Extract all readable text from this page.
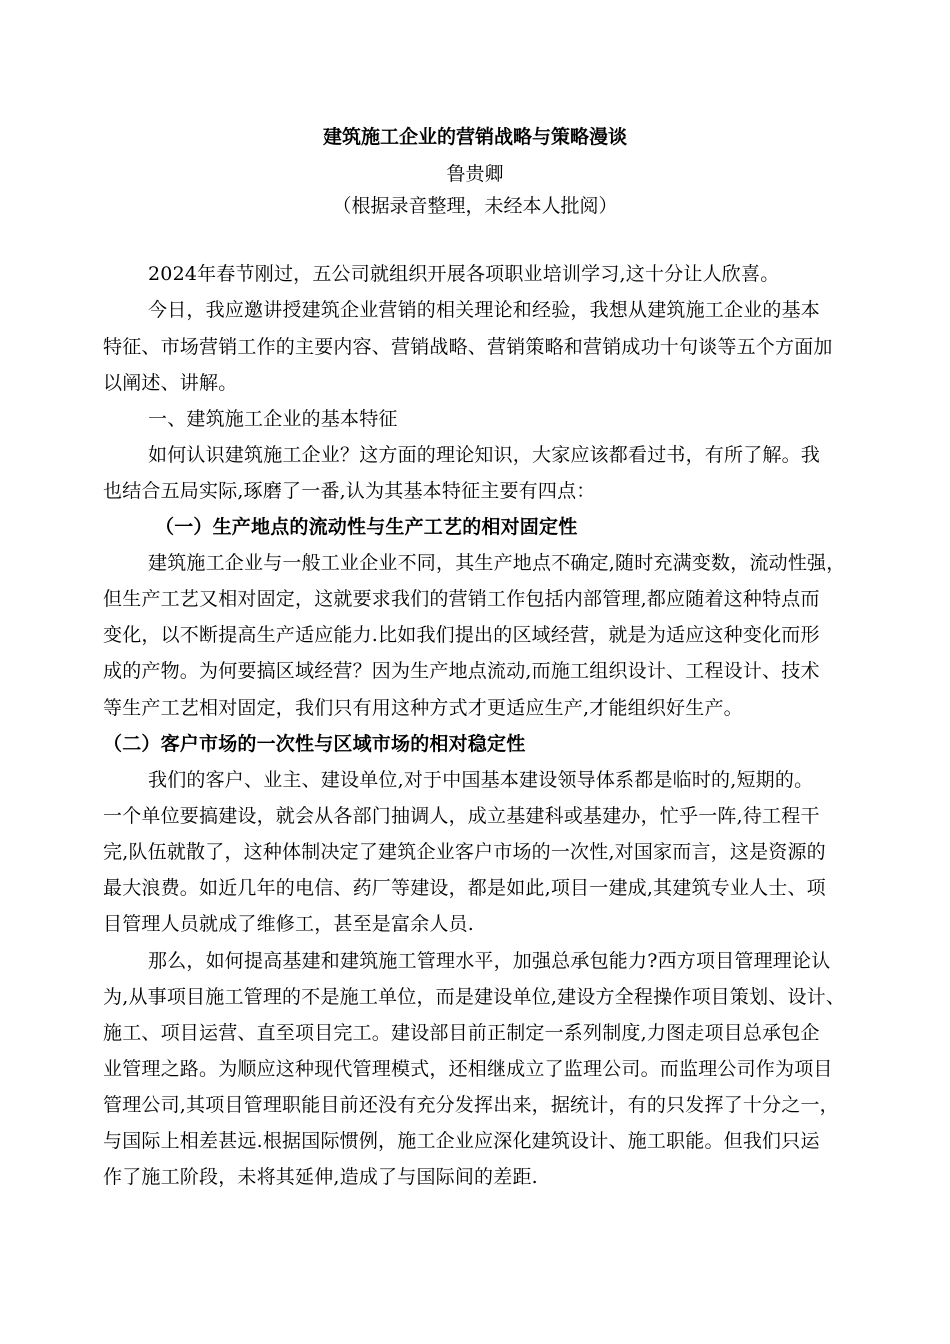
建筑施工企业的营销战略与策略漫谈
鲁贵卿
（根据录音整理，未经本人批阅）
2024年春节刚过，五公司就组织开展各项职业培训学习,这十分让人欣喜。
今日，我应邀讲授建筑企业营销的相关理论和经验，我想从建筑施工企业的基本
特征、市场营销工作的主要内容、营销战略、营销策略和营销成功十句谈等五个方面加
以阐述、讲解。
一、建筑施工企业的基本特征
如何认识建筑施工企业？这方面的理论知识，大家应该都看过书，有所了解。我
也结合五局实际,琢磨了一番,认为其基本特征主要有四点：
（一）生产地点的流动性与生产工艺的相对固定性
建筑施工企业与一般工业企业不同，其生产地点不确定,随时充满变数，流动性强，
但生产工艺又相对固定，这就要求我们的营销工作包括内部管理,都应随着这种特点而
变化，以不断提高生产适应能力.比如我们提出的区域经营，就是为适应这种变化而形
成的产物。为何要搞区域经营？因为生产地点流动,而施工组织设计、工程设计、技术
等生产工艺相对固定，我们只有用这种方式才更适应生产,才能组织好生产。
（二）客户市场的一次性与区域市场的相对稳定性
我们的客户、业主、建设单位,对于中国基本建设领导体系都是临时的,短期的。
一个单位要搞建设，就会从各部门抽调人，成立基建科或基建办，忙乎一阵,待工程干
完,队伍就散了，这种体制决定了建筑企业客户市场的一次性,对国家而言，这是资源的
最大浪费。如近几年的电信、药厂等建设，都是如此,项目一建成,其建筑专业人士、项
目管理人员就成了维修工，甚至是富余人员.
那么，如何提高基建和建筑施工管理水平，加强总承包能力?西方项目管理理论认
为,从事项目施工管理的不是施工单位，而是建设单位,建设方全程操作项目策划、设计、
施工、项目运营、直至项目完工。建设部目前正制定一系列制度,力图走项目总承包企
业管理之路。为顺应这种现代管理模式，还相继成立了监理公司。而监理公司作为项目
管理公司,其项目管理职能目前还没有充分发挥出来，据统计，有的只发挥了十分之一，
与国际上相差甚远.根据国际惯例，施工企业应深化建筑设计、施工职能。但我们只运
作了施工阶段，未将其延伸,造成了与国际间的差距.
